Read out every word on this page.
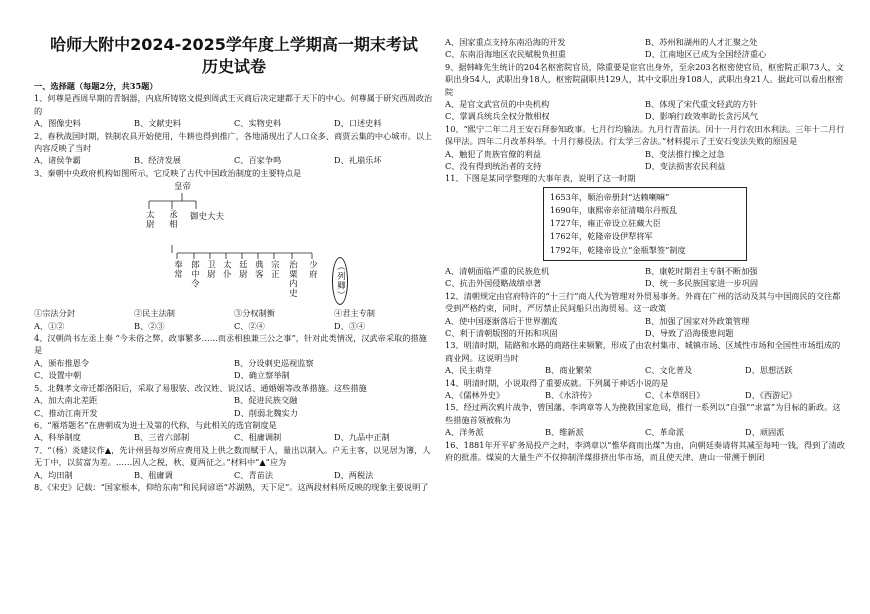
哈师大附中2024-2025学年度上学期高一期末考试
历史试卷
一、选择题（每题2分，共35题）

1、何尊是西周早期的青铜器，内底所铸铭文提到周武王灭商后决定建都于天下的中心。何尊属于研究西周政治的

A、图像史料	B、文献史料	C、实物史料	D、口述史料

2、春秋战国时期，铁制农具开始使用，牛耕也得到推广，各地涌现出了人口众多、商贾云集的中心城市。以上内容反映了当时

A、诸侯争霸	B、经济发展	C、百家争鸣	D、礼崩乐坏

3、秦朝中央政府机构如图所示，它反映了古代中国政治制度的主要特点是

皇帝
太尉 丞相 御史大夫
奉常 郎中令 卫尉 太仆 廷尉 典客 宗正 治粟内史 少府	（列卿）
①宗法分封	②民主法制	③分权制衡	④君主专制
A、①②	B、②③	C、②④	D、③④

4、汉朝尚书左丞上奏 “今未俗之弊，政事繁多……而丞相独兼三公之事”，针对此类情况，汉武帝采取的措施是

A、颁布推恩令	B、分设刺史巡视监察
C、设置中朝	D、确立察举制

5、北魏孝文帝迁都洛阳后，采取了易服装、改汉姓、说汉话、通婚姻等改革措施。这些措施

A、加大南北差距	B、促进民族交融
C、推动江南开发	D、削弱北魏实力

6、“雁塔题名”在唐朝成为进士及第的代称，与此相关的选官制度是

A、科举制度	B、三省六部制	C、租庸调制	D、九品中正制

7、“（杨）炎建议作▲，先计州县每岁所应费用及上供之数而赋于人，量出以制入。户无主客，以见居为簿，人无丁中，以贫富为差。……因人之税，秋、夏两征之。”材料中“▲”应为

A、均田制	B、租庸调	C、青苗法	D、两税法

8、《宋史》记载：“国家根本，仰给东南”和民间谚语“苏湖熟，天下足”。这两段材料所反映的现象主要说明了

A、国家重点支持东南沿海的开发	B、苏州和湖州的人才汇聚之处
C、东南沿海地区农民赋税负担重	D、江南地区已成为全国经济重心

9、据韩峰先生统计的204名枢密院官员，除重要是宦官出身外，至余203名枢密使官员，枢密院正职73人，文职出身54人，武职出身18人，枢密院副职共129人，其中文职出身108人，武职出身21人。据此可以看出枢密院

A、是官文武官员的中央机构	B、体现了宋代重文轻武的方针
C、掌调兵统兵全权分散相权	D、影响行政效率助长贪污风气

10、“熙宁二年二月王安石拜参知政事。七月行均输法。九月行青苗法。闰十一月行农田水利法。三年十二月行保甲法。四年二月改革科举。十月行募役法。行太学三舍法。”材料提示了王安石变法失败的原因是

A、触犯了贵族官僚的利益	B、变法推行操之过急
C、没有得到统治者的支持	D、变法损害农民利益

11、下图是某同学整理的大事年表，说明了这一时期

1653年，顺治帝册封“达赖喇嘛”
1690年，康熙帝亲征清噶尔丹叛乱
1727年，雍正帝设立驻藏大臣
1762年，乾隆帝设伊犁将军
1792年，乾隆帝设立“金瓶掣签”制度
A、清朝面临严重的民族危机	B、康乾时期君主专制不断加强
C、抗击外国侵略战绩卓著	D、统一多民族国家进一步巩固

12、清朝规定由官府特许的“十三行”商人代为管理对外贸易事务。外商在广州的活动及其与中国商民的交往都受到严格约束，同时，严厉禁止民间船只出海贸易。这一政策

A、使中国逐渐落后于世界潮流	B、加强了国家对外政策管理
C、利于清朝版图的开拓和巩固	D、导致了沿海倭患问题

13、明清时期，陆路和水路的商路往来频繁，形成了由农村集市、城镇市场、区域性市场和全国性市场组成的商业网。这说明当时

A、民主萌芽	B、商业繁荣	C、文化普及	D、思想活跃

14、明清时期，小说取得了重要成就。下列属于神话小说的是

A、《儒林外史》	B、《水浒传》	C、《本草纲目》	D、《西游记》

15、经过两次鸦片战争，曾国藩、李鸿章等人为挽救国家危局，推行一系列以“自强”“求富”为目标的新政。这些措施首领被称为

A、洋务派	B、维新派	C、革命派	D、顽固派

16、1881年开平矿务局投产之时，李鸿章以“惟华商而出煤”为由，向朝廷奏请将其减至每吨一钱，得到了清政府的批准。煤炭的大量生产不仅抑制洋煤排挤出华市场，而且使天津、唐山一带溯于倒闭
